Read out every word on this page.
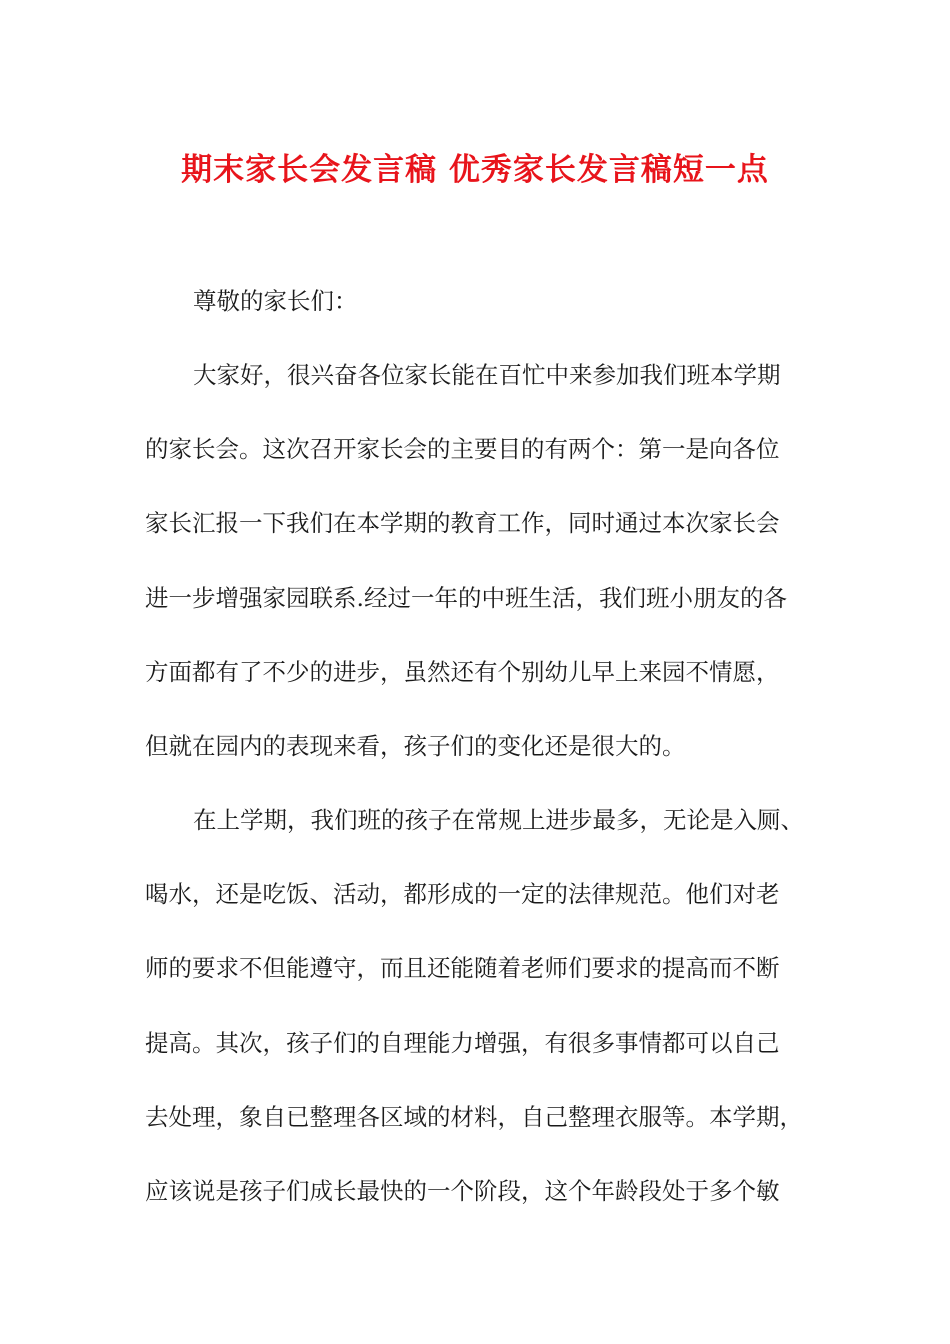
期末家长会发言稿 优秀家长发言稿短一点
尊敬的家长们：
大家好，很兴奋各位家长能在百忙中来参加我们班本学期
的家长会。这次召开家长会的主要目的有两个：第一是向各位
家长汇报一下我们在本学期的教育工作，同时通过本次家长会
进一步增强家园联系.经过一年的中班生活，我们班小朋友的各
方面都有了不少的进步，虽然还有个别幼儿早上来园不情愿，
但就在园内的表现来看，孩子们的变化还是很大的。
在上学期，我们班的孩子在常规上进步最多，无论是入厕、
喝水，还是吃饭、活动，都形成的一定的法律规范。他们对老
师的要求不但能遵守，而且还能随着老师们要求的提高而不断
提高。其次，孩子们的自理能力增强，有很多事情都可以自己
去处理，象自已整理各区域的材料，自己整理衣服等。本学期，
应该说是孩子们成长最快的一个阶段，这个年龄段处于多个敏
